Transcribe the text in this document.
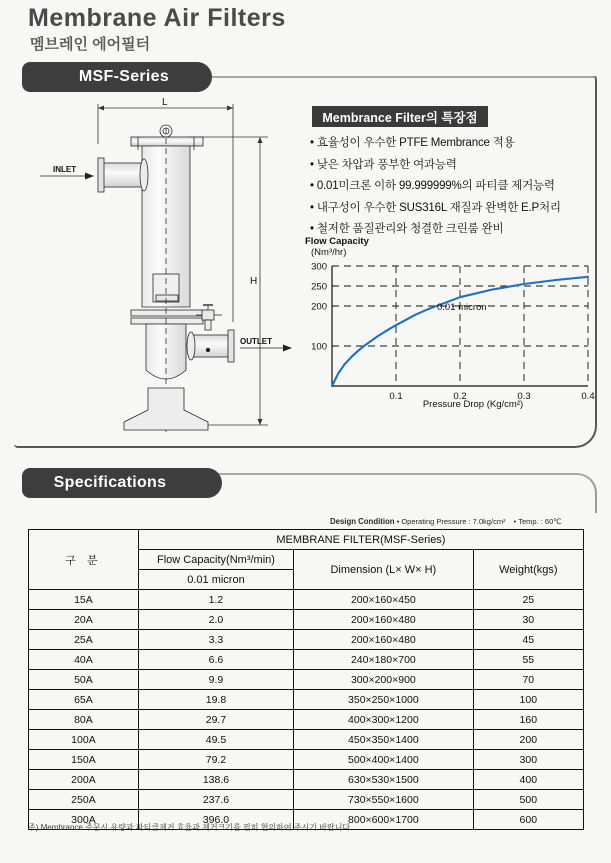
Membrane Air Filters
멤브레인 에어필터
MSF-Series
INLET
OUTLET
L
H
Membrance Filter의 특장점
• 효율성이 우수한 PTFE Membrance 적용
• 낮은 차압과 풍부한 여과능력
• 0.01미크론 이하 99.999999%의 파티클 제거능력
• 내구성이 우수한 SUS316L 재질과 완벽한 E.P처리
• 철저한 품질관리와 청결한 크린룸 완비
Flow Capacity
(Nm³/hr)
100
200
250
300
0.1	0.2	0.3	0.4
0.01 micron
Pressure Drop (Kg/cm²)
Specifications
Design Condition • Operating Pressure : 7.0kg/cm² • Temp. : 60℃
구 분	MEMBRANE FILTER(MSF-Series)		
	Flow Capacity(Nm³/min)	Dimension (L× W× H)	Weight(kgs)
	0.01 micron		
15A	1.2	200×160×450	25
20A	2.0	200×160×480	30
25A	3.3	200×160×480	45
40A	6.6	240×180×700	55
50A	9.9	300×200×900	70
65A	19.8	350×250×1000	100
80A	29.7	400×300×1200	160
100A	49.5	450×350×1400	200
150A	79.2	500×400×1400	300
200A	138.6	630×530×1500	400
250A	237.6	730×550×1600	500
300A	396.0	800×600×1700	600
주) Membrance 주문시 유량과 파티클제거 효율과 제거크기를 필히 협의하여 주시기 바랍니다
